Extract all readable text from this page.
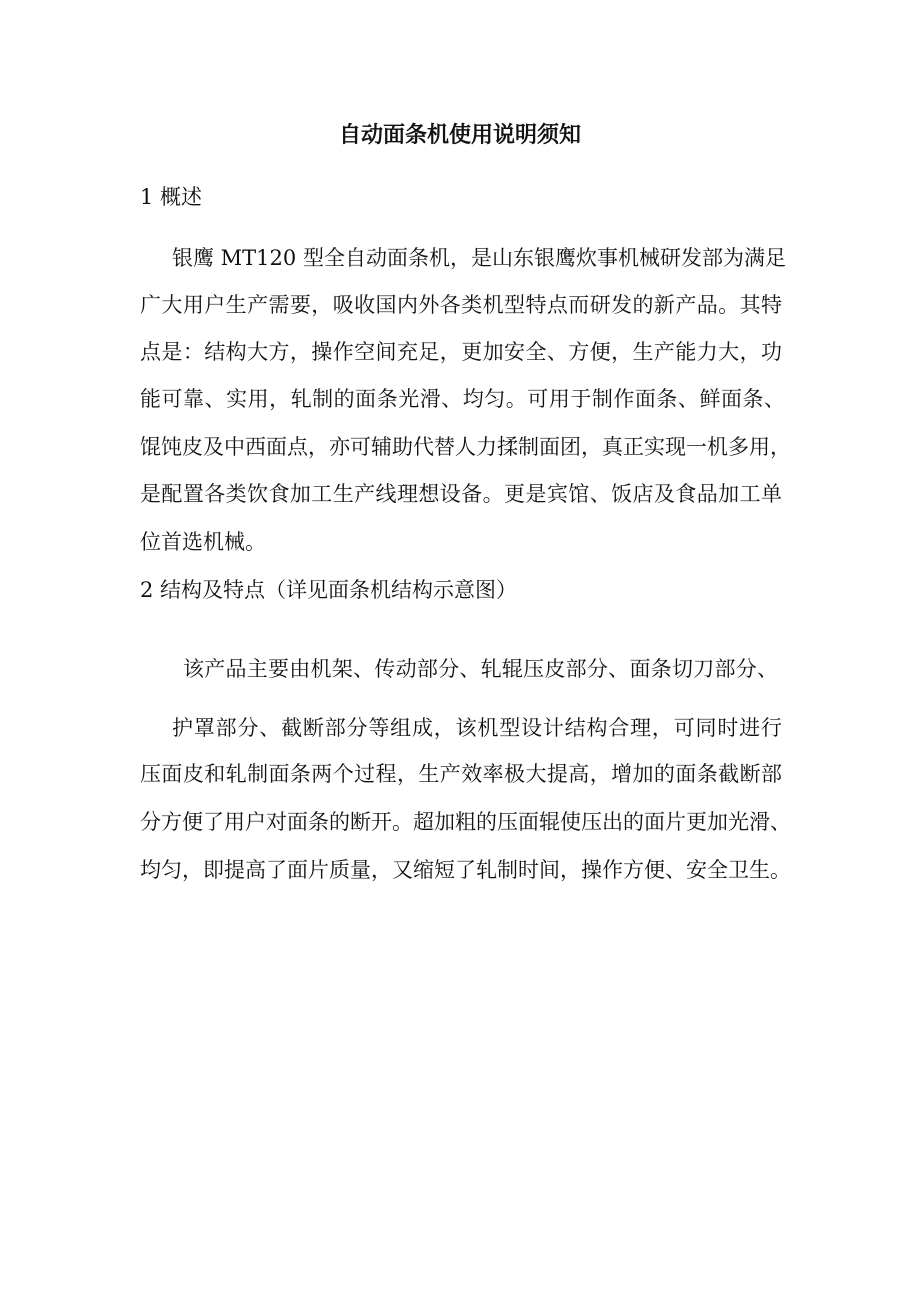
自动面条机使用说明须知
1 概述
银鹰 MT120 型全自动面条机，是山东银鹰炊事机械研发部为满足
广大用户生产需要，吸收国内外各类机型特点而研发的新产品。其特
点是：结构大方，操作空间充足，更加安全、方便，生产能力大，功
能可靠、实用，轧制的面条光滑、均匀。可用于制作面条、鲜面条、
馄饨皮及中西面点，亦可辅助代替人力揉制面团，真正实现一机多用，
是配置各类饮食加工生产线理想设备。更是宾馆、饭店及食品加工单
位首选机械。
2 结构及特点（详见面条机结构示意图）
该产品主要由机架、传动部分、轧辊压皮部分、面条切刀部分、
护罩部分、截断部分等组成，该机型设计结构合理，可同时进行
压面皮和轧制面条两个过程，生产效率极大提高，增加的面条截断部
分方便了用户对面条的断开。超加粗的压面辊使压出的面片更加光滑、
均匀，即提高了面片质量，又缩短了轧制时间，操作方便、安全卫生。
